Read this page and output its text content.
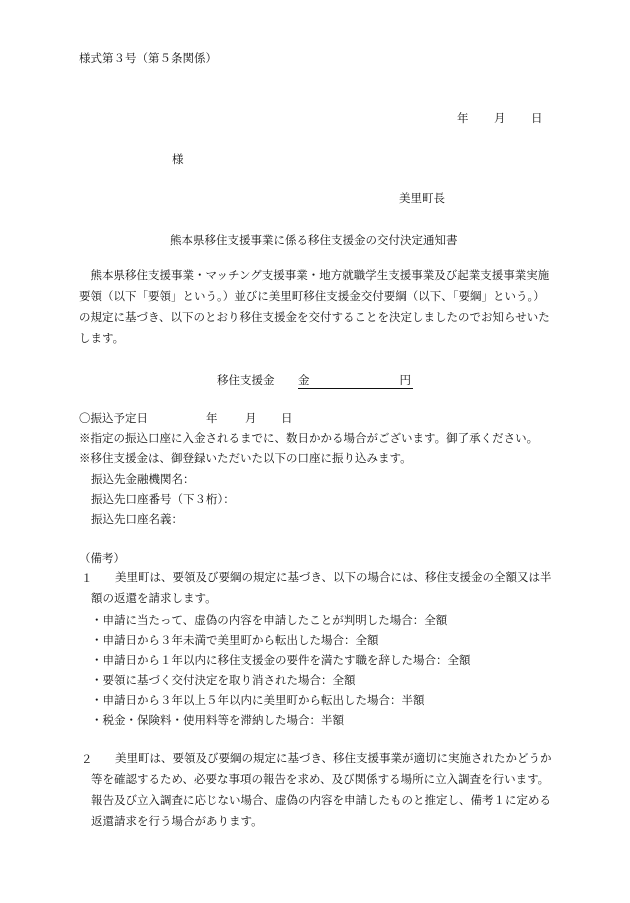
様式第３号（第５条関係）

年 月 日

様

美里町長

熊本県移住支援事業に係る移住支援金の交付決定通知書

熊本県移住支援事業・マッチング支援事業・地方就職学生支援事業及び起業支援事業実施要領（以下「要領」という。）並びに美里町移住支援金交付要綱（以下、「要綱」という。）の規定に基づき、以下のとおり移住支援金を交付することを決定しましたのでお知らせいたします。

移住支援金 金	円

〇振込予定日	年 月 日

※指定の振込口座に入金されるまでに、数日かかる場合がございます。御了承ください。

※移住支援金は、御登録いただいた以下の口座に振り込みます。

振込先金融機関名：

振込先口座番号（下３桁）：

振込先口座名義：

（備考）

１	美里町は、要領及び要綱の規定に基づき、以下の場合には、移住支援金の全額又は半額の返還を請求します。

・申請に当たって、虚偽の内容を申請したことが判明した場合：全額

・申請日から３年未満で美里町から転出した場合：全額

・申請日から１年以内に移住支援金の要件を満たす職を辞した場合：全額

・要領に基づく交付決定を取り消された場合：全額

・申請日から３年以上５年以内に美里町から転出した場合：半額

・税金・保険料・使用料等を滞納した場合：半額

２	美里町は、要領及び要綱の規定に基づき、移住支援事業が適切に実施されたかどうか等を確認するため、必要な事項の報告を求め、及び関係する場所に立入調査を行います。報告及び立入調査に応じない場合、虚偽の内容を申請したものと推定し、備考１に定める返還請求を行う場合があります。
